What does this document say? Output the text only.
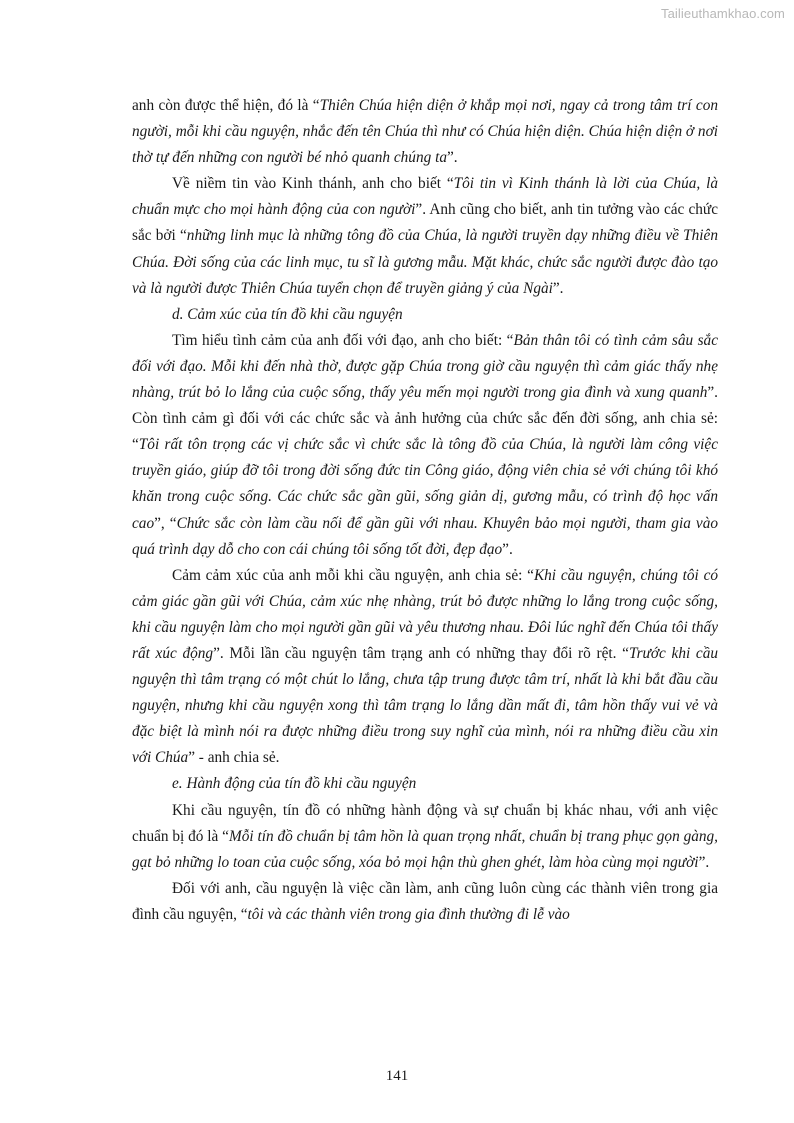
Tailieuthamkhao.com

anh còn được thể hiện, đó là “Thiên Chúa hiện diện ở khắp mọi nơi, ngay cả trong tâm trí con người, mỗi khi cầu nguyện, nhắc đến tên Chúa thì như có Chúa hiện diện. Chúa hiện diện ở nơi thờ tự đến những con người bé nhỏ quanh chúng ta”.

Về niềm tin vào Kinh thánh, anh cho biết “Tôi tin vì Kinh thánh là lời của Chúa, là chuẩn mực cho mọi hành động của con người”. Anh cũng cho biết, anh tin tưởng vào các chức sắc bởi “những linh mục là những tông đồ của Chúa, là người truyền dạy những điều về Thiên Chúa. Đời sống của các linh mục, tu sĩ là gương mẫu. Mặt khác, chức sắc người được đào tạo và là người được Thiên Chúa tuyển chọn để truyền giảng ý của Ngài”.

d. Cảm xúc của tín đồ khi cầu nguyện

Tìm hiểu tình cảm của anh đối với đạo, anh cho biết: “Bản thân tôi có tình cảm sâu sắc đối với đạo. Mỗi khi đến nhà thờ, được gặp Chúa trong giờ cầu nguyện thì cảm giác thấy nhẹ nhàng, trút bỏ lo lắng của cuộc sống, thấy yêu mến mọi người trong gia đình và xung quanh”. Còn tình cảm gì đối với các chức sắc và ảnh hưởng của chức sắc đến đời sống, anh chia sẻ: “Tôi rất tôn trọng các vị chức sắc vì chức sắc là tông đồ của Chúa, là người làm công việc truyền giáo, giúp đỡ tôi trong đời sống đức tin Công giáo, động viên chia sẻ với chúng tôi khó khăn trong cuộc sống. Các chức sắc gần gũi, sống giản dị, gương mẫu, có trình độ học vấn cao”, “Chức sắc còn làm cầu nối để gần gũi với nhau. Khuyên bảo mọi người, tham gia vào quá trình dạy dỗ cho con cái chúng tôi sống tốt đời, đẹp đạo”.

Cảm cảm xúc của anh mỗi khi cầu nguyện, anh chia sẻ: “Khi cầu nguyện, chúng tôi có cảm giác gần gũi với Chúa, cảm xúc nhẹ nhàng, trút bỏ được những lo lắng trong cuộc sống, khi cầu nguyện làm cho mọi người gần gũi và yêu thương nhau. Đôi lúc nghĩ đến Chúa tôi thấy rất xúc động”. Mỗi lần cầu nguyện tâm trạng anh có những thay đổi rõ rệt. “Trước khi cầu nguyện thì tâm trạng có một chút lo lắng, chưa tập trung được tâm trí, nhất là khi bắt đầu cầu nguyện, nhưng khi cầu nguyện xong thì tâm trạng lo lắng dần mất đi, tâm hồn thấy vui vẻ và đặc biệt là mình nói ra được những điều trong suy nghĩ của mình, nói ra những điều cầu xin với Chúa” - anh chia sẻ.

e. Hành động của tín đồ khi cầu nguyện

Khi cầu nguyện, tín đồ có những hành động và sự chuẩn bị khác nhau, với anh việc chuẩn bị đó là “Mỗi tín đồ chuẩn bị tâm hồn là quan trọng nhất, chuẩn bị trang phục gọn gàng, gạt bỏ những lo toan của cuộc sống, xóa bỏ mọi hận thù ghen ghét, làm hòa cùng mọi người”.

Đối với anh, cầu nguyện là việc cần làm, anh cũng luôn cùng các thành viên trong gia đình cầu nguyện, “tôi và các thành viên trong gia đình thường đi lễ vào

141
